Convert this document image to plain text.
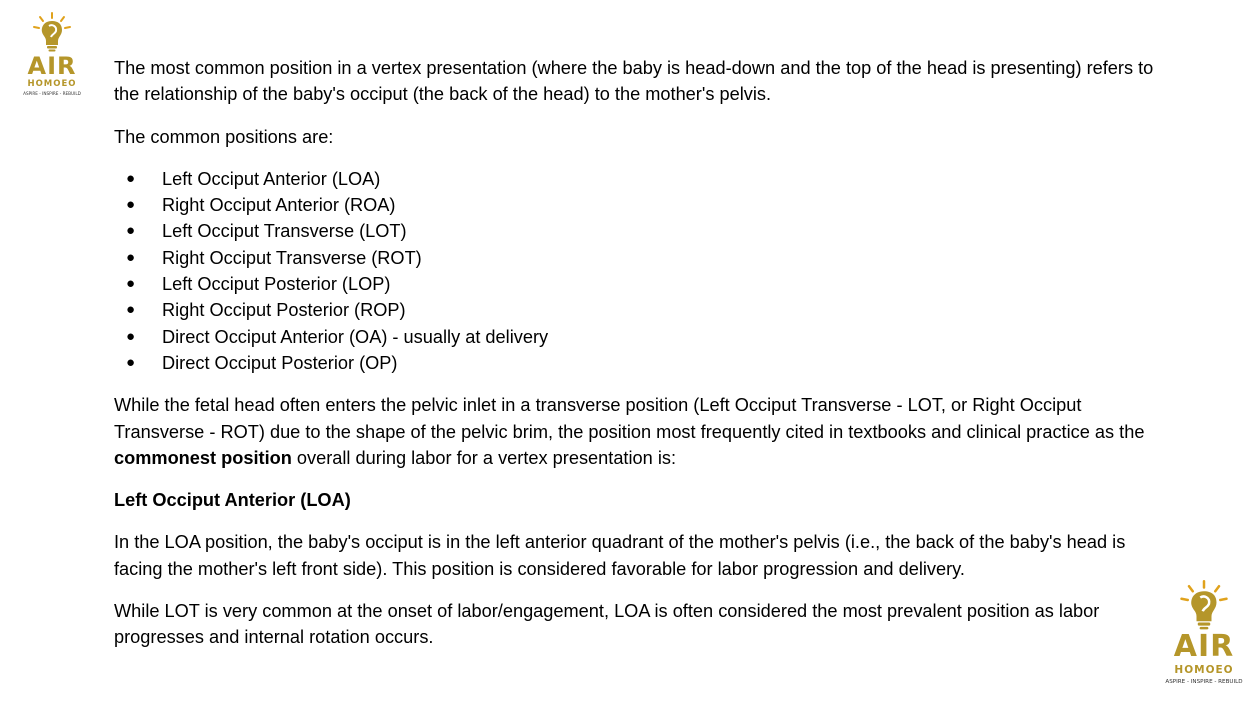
AIR
HOMOEO
ASPIRE - INSPIRE - REBUILD

The most common position in a vertex presentation (where the baby is head-down and the top of the head is presenting) refers to the relationship of the baby's occiput (the back of the head) to the mother's pelvis.

The common positions are:

● Left Occiput Anterior (LOA)
● Right Occiput Anterior (ROA)
● Left Occiput Transverse (LOT)
● Right Occiput Transverse (ROT)
● Left Occiput Posterior (LOP)
● Right Occiput Posterior (ROP)
● Direct Occiput Anterior (OA) - usually at delivery
● Direct Occiput Posterior (OP)

While the fetal head often enters the pelvic inlet in a transverse position (Left Occiput Transverse - LOT, or Right Occiput Transverse - ROT) due to the shape of the pelvic brim, the position most frequently cited in textbooks and clinical practice as the commonest position overall during labor for a vertex presentation is:

Left Occiput Anterior (LOA)

In the LOA position, the baby's occiput is in the left anterior quadrant of the mother's pelvis (i.e., the back of the baby's head is facing the mother's left front side). This position is considered favorable for labor progression and delivery.

While LOT is very common at the onset of labor/engagement, LOA is often considered the most prevalent position as labor progresses and internal rotation occurs.	AIR
HOMOEO
ASPIRE - INSPIRE - REBUILD
